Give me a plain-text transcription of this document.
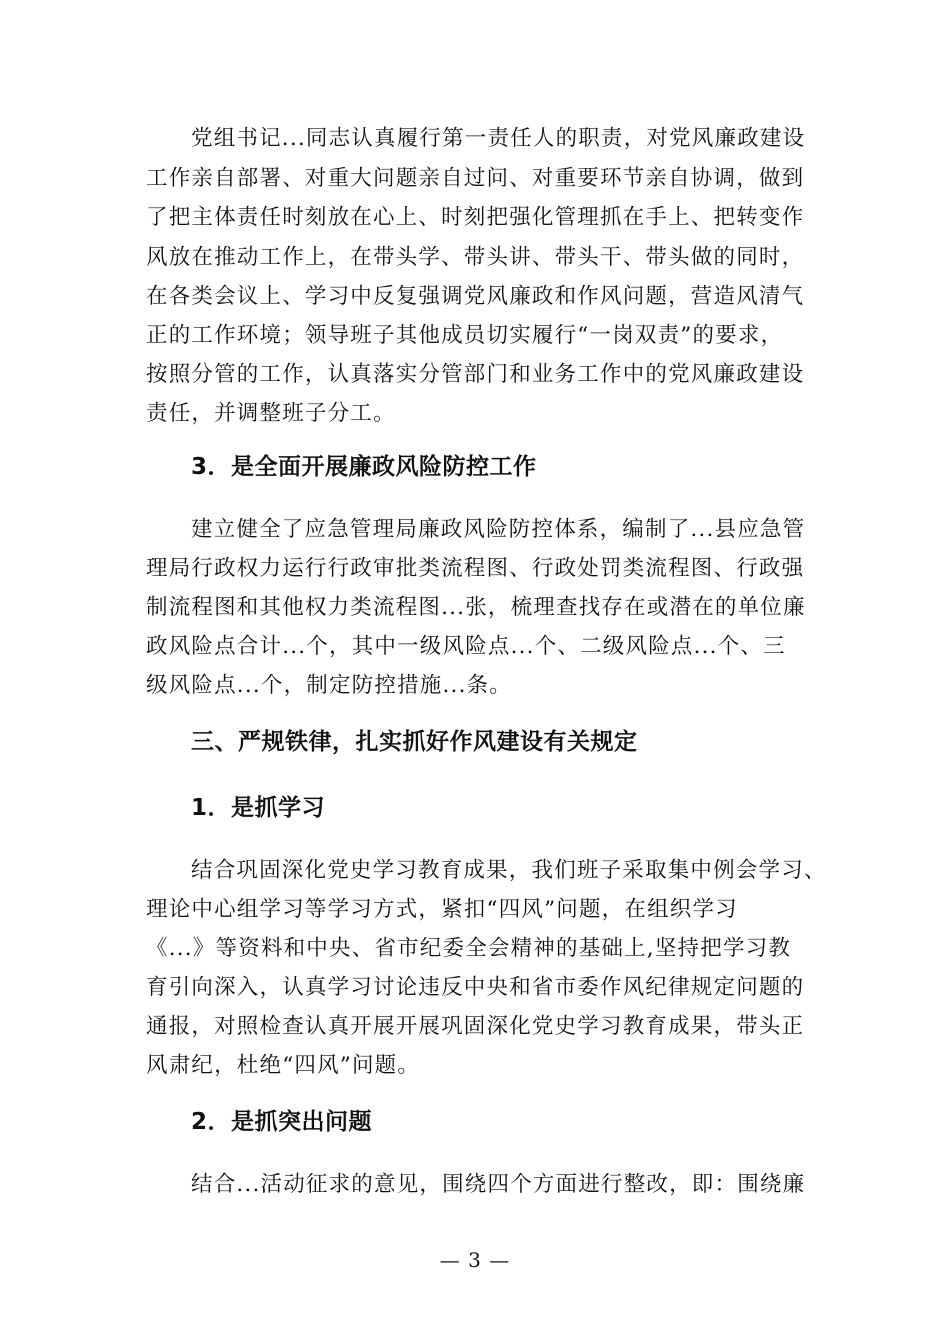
党组书记...同志认真履行第一责任人的职责，对党风廉政建设
工作亲自部署、对重大问题亲自过问、对重要环节亲自协调，做到
了把主体责任时刻放在心上、时刻把强化管理抓在手上、把转变作
风放在推动工作上，在带头学、带头讲、带头干、带头做的同时，
在各类会议上、学习中反复强调党风廉政和作风问题，营造风清气
正的工作环境；领导班子其他成员切实履行“一岗双责”的要求，
按照分管的工作，认真落实分管部门和业务工作中的党风廉政建设
责任，并调整班子分工。
3．是全面开展廉政风险防控工作
建立健全了应急管理局廉政风险防控体系，编制了...县应急管
理局行政权力运行行政审批类流程图、行政处罚类流程图、行政强
制流程图和其他权力类流程图...张，梳理查找存在或潜在的单位廉
政风险点合计...个，其中一级风险点...个、二级风险点...个、三
级风险点...个，制定防控措施...条。
三、严规铁律，扎实抓好作风建设有关规定
1．是抓学习
结合巩固深化党史学习教育成果，我们班子采取集中例会学习、
理论中心组学习等学习方式，紧扣“四风”问题，在组织学习
《...》等资料和中央、省市纪委全会精神的基础上,坚持把学习教
育引向深入，认真学习讨论违反中央和省市委作风纪律规定问题的
通报，对照检查认真开展开展巩固深化党史学习教育成果，带头正
风肃纪，杜绝“四风”问题。
2．是抓突出问题
结合...活动征求的意见，围绕四个方面进行整改，即：围绕廉
— 3 —
